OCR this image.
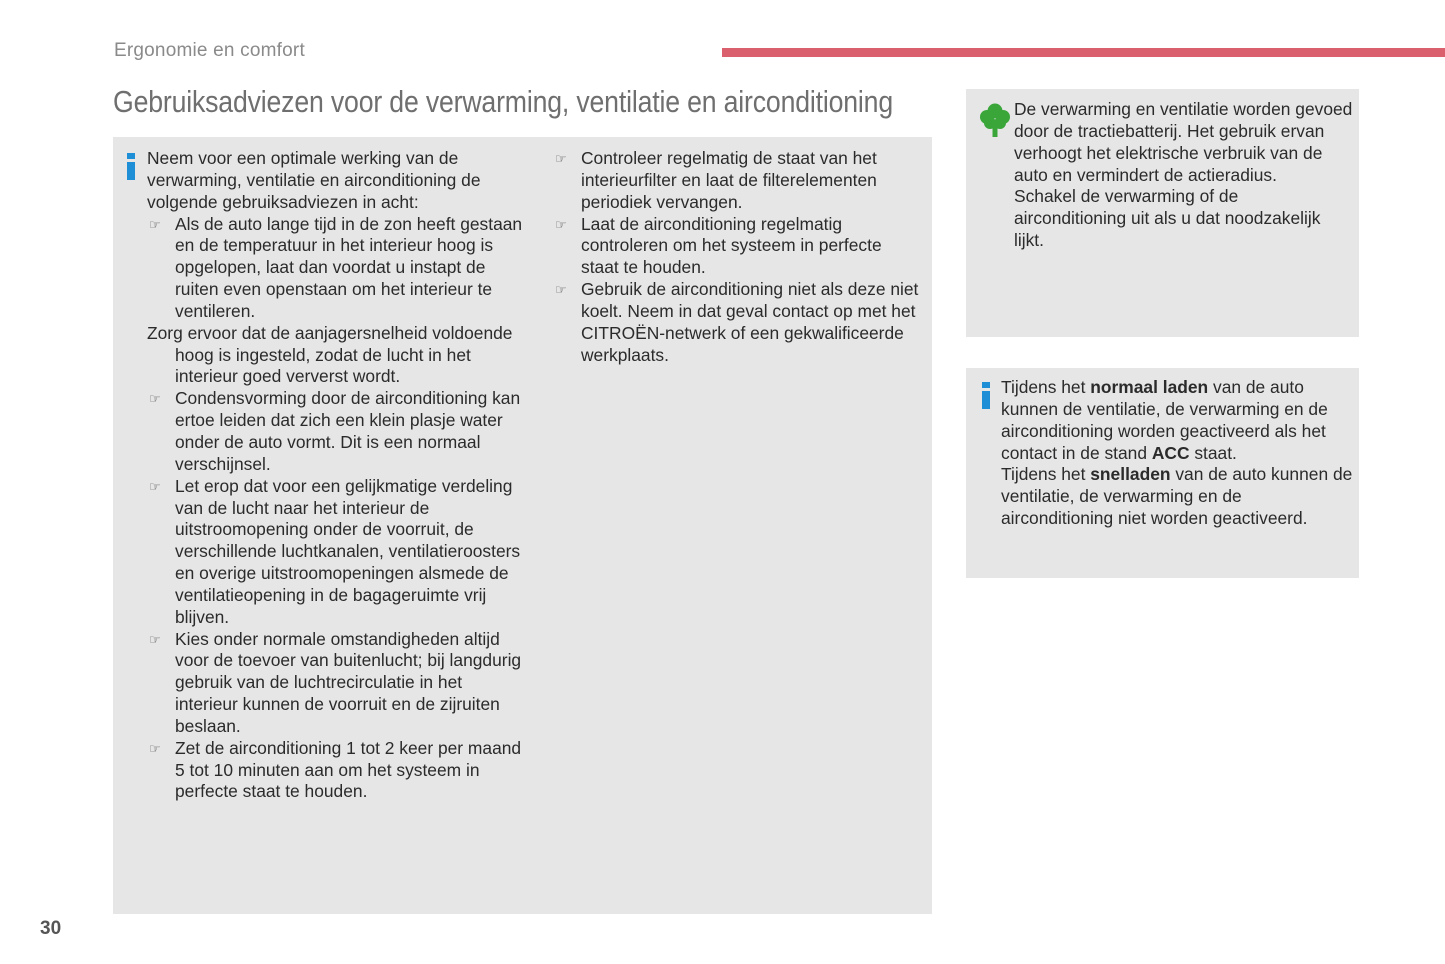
Ergonomie en comfort
Gebruiksadviezen voor de verwarming, ventilatie en airconditioning
Neem voor een optimale werking van de verwarming, ventilatie en airconditioning de volgende gebruiksadviezen in acht:
☞ Als de auto lange tijd in de zon heeft gestaan en de temperatuur in het interieur hoog is opgelopen, laat dan voordat u instapt de ruiten even openstaan om het interieur te ventileren.
Zorg ervoor dat de aanjagersnelheid voldoende hoog is ingesteld, zodat de lucht in het interieur goed ververst wordt.
☞ Condensvorming door de airconditioning kan ertoe leiden dat zich een klein plasje water onder de auto vormt. Dit is een normaal verschijnsel.
☞ Let erop dat voor een gelijkmatige verdeling van de lucht naar het interieur de uitstroomopening onder de voorruit, de verschillende luchtkanalen, ventilatieroosters en overige uitstroomopeningen alsmede de ventilatieopening in de bagageruimte vrij blijven.
☞ Kies onder normale omstandigheden altijd voor de toevoer van buitenlucht; bij langdurig gebruik van de luchtrecirculatie in het interieur kunnen de voorruit en de zijruiten beslaan.
☞ Zet de airconditioning 1 tot 2 keer per maand 5 tot 10 minuten aan om het systeem in perfecte staat te houden.
☞ Controleer regelmatig de staat van het interieurfilter en laat de filterelementen periodiek vervangen.
☞ Laat de airconditioning regelmatig controleren om het systeem in perfecte staat te houden.
☞ Gebruik de airconditioning niet als deze niet koelt. Neem in dat geval contact op met het CITROËN-netwerk of een gekwalificeerde werkplaats.
De verwarming en ventilatie worden gevoed door de tractiebatterij. Het gebruik ervan verhoogt het elektrische verbruik van de auto en vermindert de actieradius.
Schakel de verwarming of de airconditioning uit als u dat noodzakelijk lijkt.
Tijdens het normaal laden van de auto kunnen de ventilatie, de verwarming en de airconditioning worden geactiveerd als het contact in de stand ACC staat.
Tijdens het snelladen van de auto kunnen de ventilatie, de verwarming en de airconditioning niet worden geactiveerd.
30
